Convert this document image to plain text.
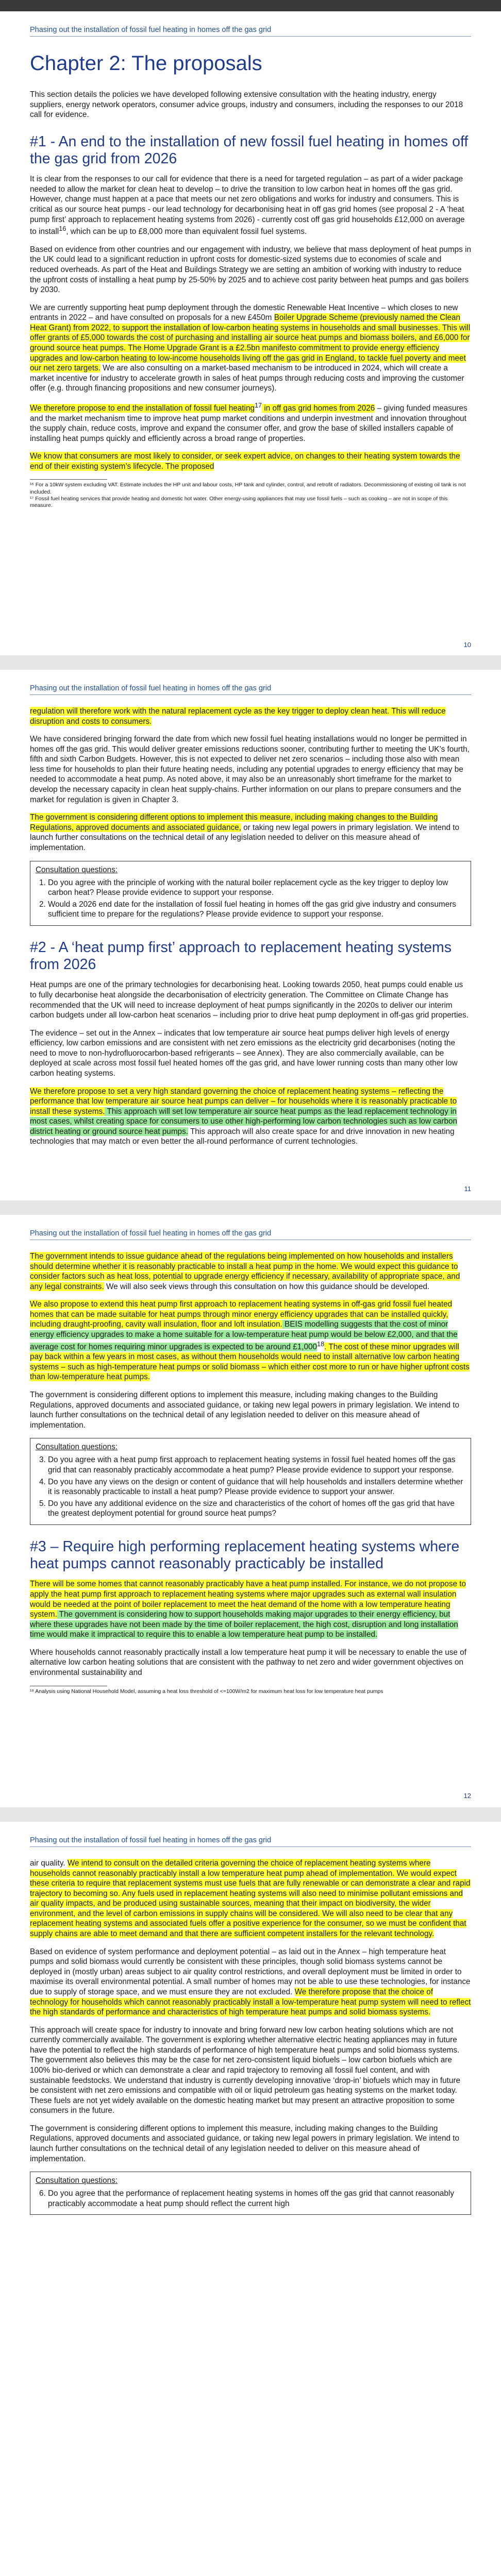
Phasing out the installation of fossil fuel heating in homes off the gas grid
Chapter 2: The proposals

This section details the policies we have developed following extensive consultation with the heating industry, energy suppliers, energy network operators, consumer advice groups, industry and consumers, including the responses to our 2018 call for evidence.

#1 - An end to the installation of new fossil fuel heating in homes off the gas grid from 2026

It is clear from the responses to our call for evidence that there is a need for targeted regulation – as part of a wider package needed to allow the market for clean heat to develop – to drive the transition to low carbon heat in homes off the gas grid. However, change must happen at a pace that meets our net zero obligations and works for industry and consumers. This is critical as our source heat pumps - our lead technology for decarbonising heat in off gas grid homes (see proposal 2 - A ‘heat pump first’ approach to replacement heating systems from 2026) - currently cost off gas grid households £12,000 on average to install$^{16}$, which can be up to £8,000 more than equivalent fossil fuel systems.

Based on evidence from other countries and our engagement with industry, we believe that mass deployment of heat pumps in the UK could lead to a significant reduction in upfront costs for domestic-sized systems due to economies of scale and reduced overheads. As part of the Heat and Buildings Strategy we are setting an ambition of working with industry to reduce the upfront costs of installing a heat pump by 25-50% by 2025 and to achieve cost parity between heat pumps and gas boilers by 2030.

We are currently supporting heat pump deployment through the domestic Renewable Heat Incentive – which closes to new entrants in 2022 – and have consulted on proposals for a new £450m Boiler Upgrade Scheme (previously named the Clean Heat Grant) from 2022, to support the installation of low-carbon heating systems in households and small businesses. This will offer grants of £5,000 towards the cost of purchasing and installing air source heat pumps and biomass boilers, and £6,000 for ground source heat pumps. The Home Upgrade Grant is a £2.5bn manifesto commitment to provide energy efficiency upgrades and low-carbon heating to low-income households living off the gas grid in England, to tackle fuel poverty and meet our net zero targets. We are also consulting on a market-based mechanism to be introduced in 2024, which will create a market incentive for industry to accelerate growth in sales of heat pumps through reducing costs and improving the customer offer (e.g. through financing propositions and new consumer journeys).

We therefore propose to end the installation of fossil fuel heating$^{17}$ in off gas grid homes from 2026 – giving funded measures and the market mechanism time to improve heat pump market conditions and underpin investment and innovation throughout the supply chain, reduce costs, improve and expand the consumer offer, and grow the base of skilled installers capable of installing heat pumps quickly and efficiently across a broad range of properties.

We know that consumers are most likely to consider, or seek expert advice, on changes to their heating system towards the end of their existing system’s lifecycle. The proposed

¹⁶ For a 10kW system excluding VAT. Estimate includes the HP unit and labour costs, HP tank and cylinder, control, and retrofit of radiators. Decommissioning of existing oil tank is not included.

¹⁷ Fossil fuel heating services that provide heating and domestic hot water. Other energy-using appliances that may use fossil fuels – such as cooking – are not in scope of this measure.

10
Phasing out the installation of fossil fuel heating in homes off the gas grid

regulation will therefore work with the natural replacement cycle as the key trigger to deploy clean heat. This will reduce disruption and costs to consumers.

We have considered bringing forward the date from which new fossil fuel heating installations would no longer be permitted in homes off the gas grid. This would deliver greater emissions reductions sooner, contributing further to meeting the UK’s fourth, fifth and sixth Carbon Budgets. However, this is not expected to deliver net zero scenarios – including those also with mean less time for households to plan their future heating needs, including any potential upgrades to energy efficiency that may be needed to accommodate a heat pump. As noted above, it may also be an unreasonably short timeframe for the market to develop the necessary capacity in clean heat supply-chains. Further information on our plans to prepare consumers and the market for regulation is given in Chapter 3.

The government is considering different options to implement this measure, including making changes to the Building Regulations, approved documents and associated guidance, or taking new legal powers in primary legislation. We intend to launch further consultations on the technical detail of any legislation needed to deliver on this measure ahead of implementation.

Consultation questions:
1. Do you agree with the principle of working with the natural boiler replacement cycle as the key trigger to deploy low carbon heat? Please provide evidence to support your response.
2. Would a 2026 end date for the installation of fossil fuel heating in homes off the gas grid give industry and consumers sufficient time to prepare for the regulations? Please provide evidence to support your response.
#2 - A ‘heat pump first’ approach to replacement heating systems from 2026

Heat pumps are one of the primary technologies for decarbonising heat. Looking towards 2050, heat pumps could enable us to fully decarbonise heat alongside the decarbonisation of electricity generation. The Committee on Climate Change has recommended that the UK will need to increase deployment of heat pumps significantly in the 2020s to deliver our interim carbon budgets under all low-carbon heat scenarios – including prior to drive heat pump deployment in off-gas grid properties.

The evidence – set out in the Annex – indicates that low temperature air source heat pumps deliver high levels of energy efficiency, low carbon emissions and are consistent with net zero emissions as the electricity grid decarbonises (noting the need to move to non-hydrofluorocarbon-based refrigerants – see Annex). They are also commercially available, can be deployed at scale across most fossil fuel heated homes off the gas grid, and have lower running costs than many other low carbon heating systems.

We therefore propose to set a very high standard governing the choice of replacement heating systems – reflecting the performance that low temperature air source heat pumps can deliver – for households where it is reasonably practicable to install these systems. This approach will set low temperature air source heat pumps as the lead replacement technology in most cases, whilst creating space for consumers to use other high-performing low carbon technologies such as low carbon district heating or ground source heat pumps. This approach will also create space for and drive innovation in new heating technologies that may match or even better the all-round performance of current technologies.

11
Phasing out the installation of fossil fuel heating in homes off the gas grid

The government intends to issue guidance ahead of the regulations being implemented on how households and installers should determine whether it is reasonably practicable to install a heat pump in the home. We would expect this guidance to consider factors such as heat loss, potential to upgrade energy efficiency if necessary, availability of appropriate space, and any legal constraints. We will also seek views through this consultation on how this guidance should be developed.

We also propose to extend this heat pump first approach to replacement heating systems in off-gas grid fossil fuel heated homes that can be made suitable for heat pumps through minor energy efficiency upgrades that can be installed quickly, including draught-proofing, cavity wall insulation, floor and loft insulation. BEIS modelling suggests that the cost of minor energy efficiency upgrades to make a home suitable for a low-temperature heat pump would be below £2,000, and that the average cost for homes requiring minor upgrades is expected to be around £1,000$^{18}$. The cost of these minor upgrades will pay back within a few years in most cases, as without them households would need to install alternative low carbon heating systems – such as high-temperature heat pumps or solid biomass – which either cost more to run or have higher upfront costs than low-temperature heat pumps.

The government is considering different options to implement this measure, including making changes to the Building Regulations, approved documents and associated guidance, or taking new legal powers in primary legislation. We intend to launch further consultations on the technical detail of any legislation needed to deliver on this measure ahead of implementation.

Consultation questions:
3. Do you agree with a heat pump first approach to replacement heating systems in fossil fuel heated homes off the gas grid that can reasonably practicably accommodate a heat pump? Please provide evidence to support your response.
4. Do you have any views on the design or content of guidance that will help households and installers determine whether it is reasonably practicable to install a heat pump? Please provide evidence to support your answer.
5. Do you have any additional evidence on the size and characteristics of the cohort of homes off the gas grid that have the greatest deployment potential for ground source heat pumps?
#3 – Require high performing replacement heating systems where heat pumps cannot reasonably practicably be installed

There will be some homes that cannot reasonably practicably have a heat pump installed. For instance, we do not propose to apply the heat pump first approach to replacement heating systems where major upgrades such as external wall insulation would be needed at the point of boiler replacement to meet the heat demand of the home with a low temperature heating system. The government is considering how to support households making major upgrades to their energy efficiency, but where these upgrades have not been made by the time of boiler replacement, the high cost, disruption and long installation time would make it impractical to require this to enable a low temperature heat pump to be installed.

Where households cannot reasonably practically install a low temperature heat pump it will be necessary to enable the use of alternative low carbon heating solutions that are consistent with the pathway to net zero and wider government objectives on environmental sustainability and

¹⁸ Analysis using National Household Model, assuming a heat loss threshold of <=100W/m2 for maximum heat loss for low temperature heat pumps

12
Phasing out the installation of fossil fuel heating in homes off the gas grid

air quality. We intend to consult on the detailed criteria governing the choice of replacement heating systems where households cannot reasonably practicably install a low temperature heat pump ahead of implementation. We would expect these criteria to require that replacement systems must use fuels that are fully renewable or can demonstrate a clear and rapid trajectory to becoming so. Any fuels used in replacement heating systems will also need to minimise pollutant emissions and air quality impacts, and be produced using sustainable sources, meaning that their impact on biodiversity, the wider environment, and the level of carbon emissions in supply chains will be considered. We will also need to be clear that any replacement heating systems and associated fuels offer a positive experience for the consumer, so we must be confident that supply chains are able to meet demand and that there are sufficient competent installers for the relevant technology.

Based on evidence of system performance and deployment potential – as laid out in the Annex – high temperature heat pumps and solid biomass would currently be consistent with these principles, though solid biomass systems cannot be deployed in (mostly urban) areas subject to air quality control restrictions, and overall deployment must be limited in order to maximise its overall environmental potential. A small number of homes may not be able to use these technologies, for instance due to supply of storage space, and we must ensure they are not excluded. We therefore propose that the choice of technology for households which cannot reasonably practicably install a low-temperature heat pump system will need to reflect the high standards of performance and characteristics of high temperature heat pumps and solid biomass systems.

This approach will create space for industry to innovate and bring forward new low carbon heating solutions which are not currently commercially available. The government is exploring whether alternative electric heating appliances may in future have the potential to reflect the high standards of performance of high temperature heat pumps and solid biomass systems. The government also believes this may be the case for net zero-consistent liquid biofuels – low carbon biofuels which are 100% bio-derived or which can demonstrate a clear and rapid trajectory to removing all fossil fuel content, and with sustainable feedstocks. We understand that industry is currently developing innovative ‘drop-in’ biofuels which may in future be consistent with net zero emissions and compatible with oil or liquid petroleum gas heating systems on the market today. These fuels are not yet widely available on the domestic heating market but may present an attractive proposition to some consumers in the future.

The government is considering different options to implement this measure, including making changes to the Building Regulations, approved documents and associated guidance, or taking new legal powers in primary legislation. We intend to launch further consultations on the technical detail of any legislation needed to deliver on this measure ahead of implementation.

Consultation questions:
6. Do you agree that the performance of replacement heating systems in homes off the gas grid that cannot reasonably practicably accommodate a heat pump should reflect the current high
